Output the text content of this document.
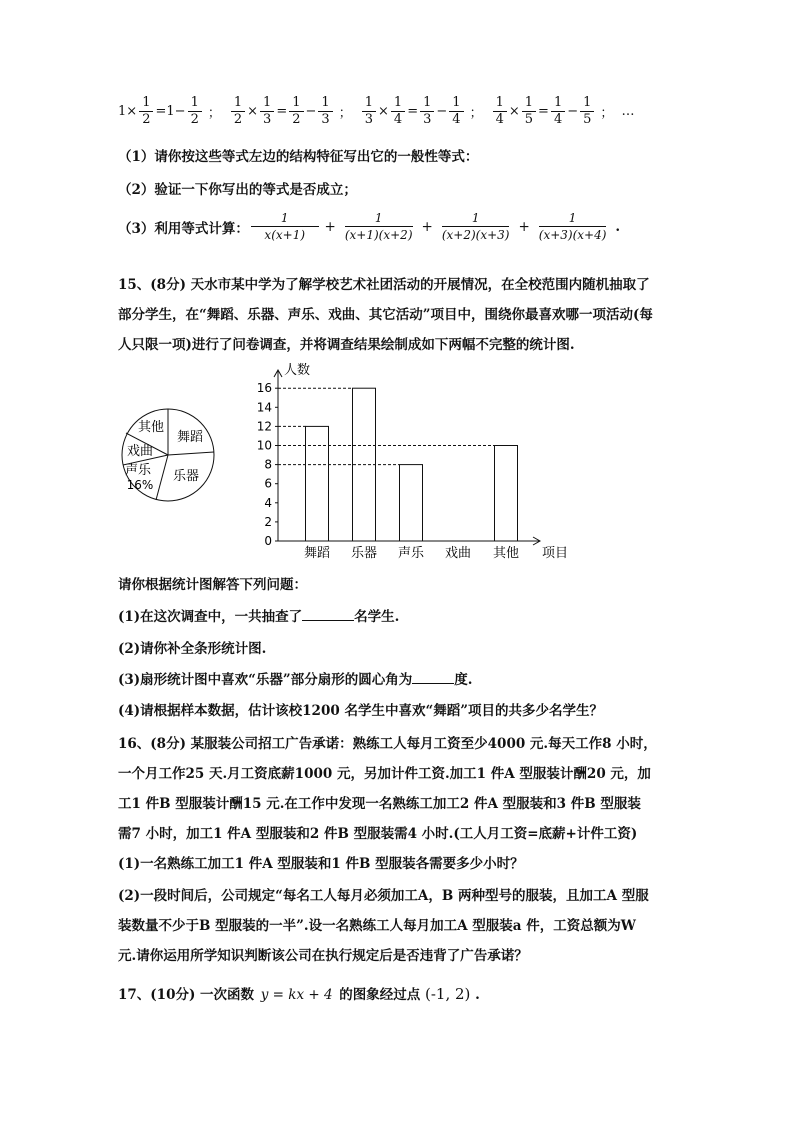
$1 \times \frac{1}{2} = 1 - \frac{1}{2}$ ； $\frac{1}{2} \times \frac{1}{3} = \frac{1}{2} - \frac{1}{3}$ ； $\frac{1}{3} \times \frac{1}{4} = \frac{1}{3} - \frac{1}{4}$ ； $\frac{1}{4} \times \frac{1}{5} = \frac{1}{4} - \frac{1}{5}$ ； …
（1）请你按这些等式左边的结构特征写出它的一般性等式：
（2）验证一下你写出的等式是否成立；
（3）利用等式计算： $\frac{1}{x(x+1)} + \frac{1}{(x+1)(x+2)} + \frac{1}{(x+2)(x+3)} + \frac{1}{(x+3)(x+4)}$ .
15、(8分) 天水市某中学为了解学校艺术社团活动的开展情况，在全校范围内随机抽取了
部分学生，在“舞蹈、乐器、声乐、戏曲、其它活动”项目中，围绕你最喜欢哪一项活动(每
人只限一项)进行了问卷调查，并将调查结果绘制成如下两幅不完整的统计图.
其他
舞蹈
戏曲
声乐
16%
乐器
人数
项目
0
2
4
6
8
10
12
14
16
舞蹈 乐器 声乐 戏曲 其他
请你根据统计图解答下列问题：
(1)在这次调查中，一共抽查了	名学生.
(2)请你补全条形统计图.
(3)扇形统计图中喜欢“乐器”部分扇形的圆心角为	度.
(4)请根据样本数据，估计该校1200 名学生中喜欢“舞蹈”项目的共多少名学生？
16、(8分) 某服装公司招工广告承诺：熟练工人每月工资至少4000 元.每天工作8 小时，
一个月工作25 天.月工资底薪1000 元，另加计件工资.加工1 件A 型服装计酬20 元，加
工1 件B 型服装计酬15 元.在工作中发现一名熟练工加工2 件A 型服装和3 件B 型服装
需7 小时，加工1 件A 型服装和2 件B 型服装需4 小时.(工人月工资=底薪+计件工资)
(1)一名熟练工加工1 件A 型服装和1 件B 型服装各需要多少小时？
(2)一段时间后，公司规定“每名工人每月必须加工A，B 两种型号的服装，且加工A 型服
装数量不少于B 型服装的一半”.设一名熟练工人每月加工A 型服装a 件，工资总额为W
元.请你运用所学知识判断该公司在执行规定后是否违背了广告承诺？
17、(10分) 一次函数 y = kx + 4 的图象经过点 (-1, 2) .
